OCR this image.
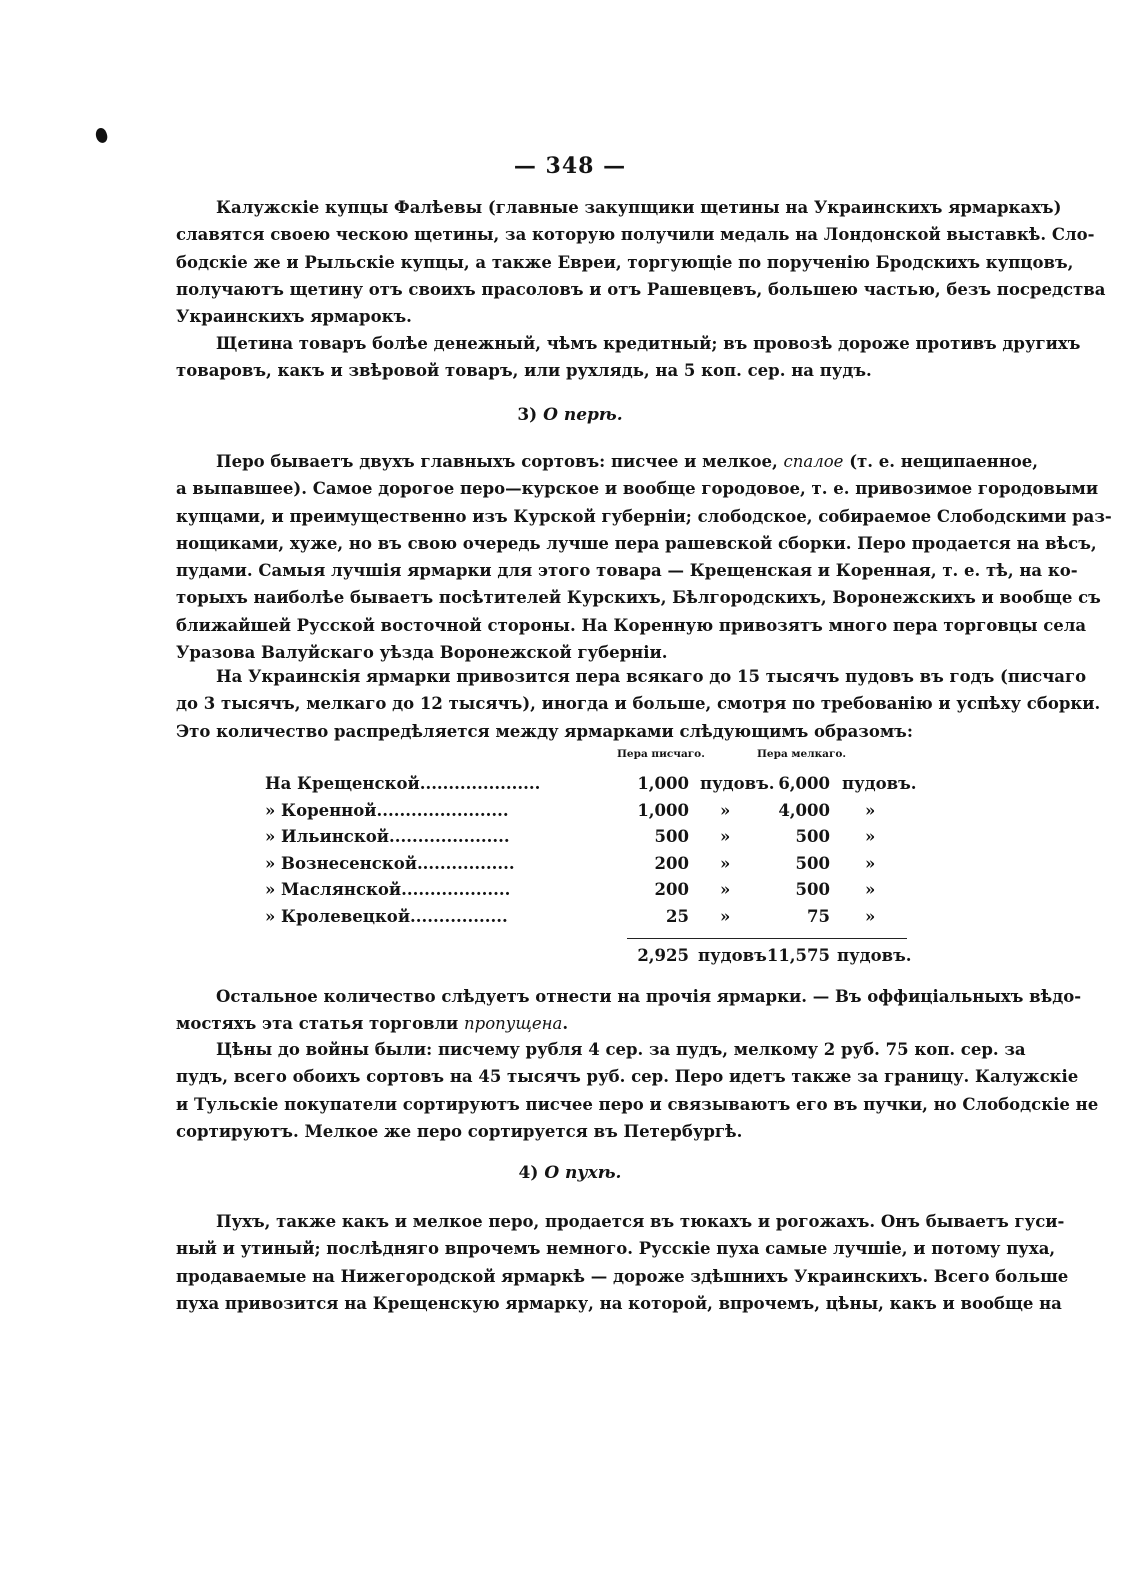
— 348 —
Калужскіе купцы Фалѣевы (главные закупщики щетины на Украинскихъ ярмаркахъ)
славятся своею ческою щетины, за которую получили медаль на Лондонской выставкѣ. Сло-
бодскіе же и Рыльскіе купцы, а также Евреи, торгующіе по порученію Бродскихъ купцовъ,
получаютъ щетину отъ своихъ прасоловъ и отъ Рашевцевъ, большею частью, безъ посредства
Украинскихъ ярмарокъ.
Щетина товаръ болѣе денежный, чѣмъ кредитный; въ провозѣ дороже противъ другихъ
товаровъ, какъ и звѣровой товаръ, или рухлядь, на 5 коп. сер. на пудъ.
3) О перѣ.
Перо бываетъ двухъ главныхъ сортовъ: писчее и мелкое, спалое (т. е. нещипаенное,
а выпавшее). Самое дорогое перо—курское и вообще городовое, т. е. привозимое городовыми
купцами, и преимущественно изъ Курской губерніи; слободское, собираемое Слободскими раз-
нощиками, хуже, но въ свою очередь лучше пера рашевской сборки. Перо продается на вѣсъ,
пудами. Самыя лучшія ярмарки для этого товара — Крещенская и Коренная, т. е. тѣ, на ко-
торыхъ наиболѣе бываетъ посѣтителей Курскихъ, Бѣлгородскихъ, Воронежскихъ и вообще съ
ближайшей Русской восточной стороны. На Коренную привозятъ много пера торговцы села
Уразова Валуйскаго уѣзда Воронежской губерніи.
На Украинскія ярмарки привозится пера всякаго до 15 тысячъ пудовъ въ годъ (писчаго
до 3 тысячъ, мелкаго до 12 тысячъ), иногда и больше, смотря по требованію и успѣху сборки.
Это количество распредѣляется между ярмарками слѣдующимъ образомъ:
Пера писчаго.	Пера мелкаго.
На Крещенской.....................	1,000 пудовъ. 6,000 пудовъ.
» Коренной.......................	1,000 »	4,000 »
» Ильинской.....................	500 »	500 »
» Вознесенской.................	200 »	500 »
» Маслянской...................	200 »	500 »
» Кролевецкой.................	25 »	75 »
2,925 пудовъ 11,575 пудовъ.
Остальное количество слѣдуетъ отнести на прочія ярмарки. — Въ оффиціальныхъ вѣдо-
мостяхъ эта статья торговли пропущена.
Цѣны до войны были: писчему рубля 4 сер. за пудъ, мелкому 2 руб. 75 коп. сер. за
пудъ, всего обоихъ сортовъ на 45 тысячъ руб. сер. Перо идетъ также за границу. Калужскіе
и Тульскіе покупатели сортируютъ писчее перо и связываютъ его въ пучки, но Слободскіе не
сортируютъ. Мелкое же перо сортируется въ Петербургѣ.
4) О пухѣ.
Пухъ, также какъ и мелкое перо, продается въ тюкахъ и рогожахъ. Онъ бываетъ гуси-
ный и утиный; послѣдняго впрочемъ немного. Русскіе пуха самые лучшіе, и потому пуха,
продаваемые на Нижегородской ярмаркѣ — дороже здѣшнихъ Украинскихъ. Всего больше
пуха привозится на Крещенскую ярмарку, на которой, впрочемъ, цѣны, какъ и вообще на
